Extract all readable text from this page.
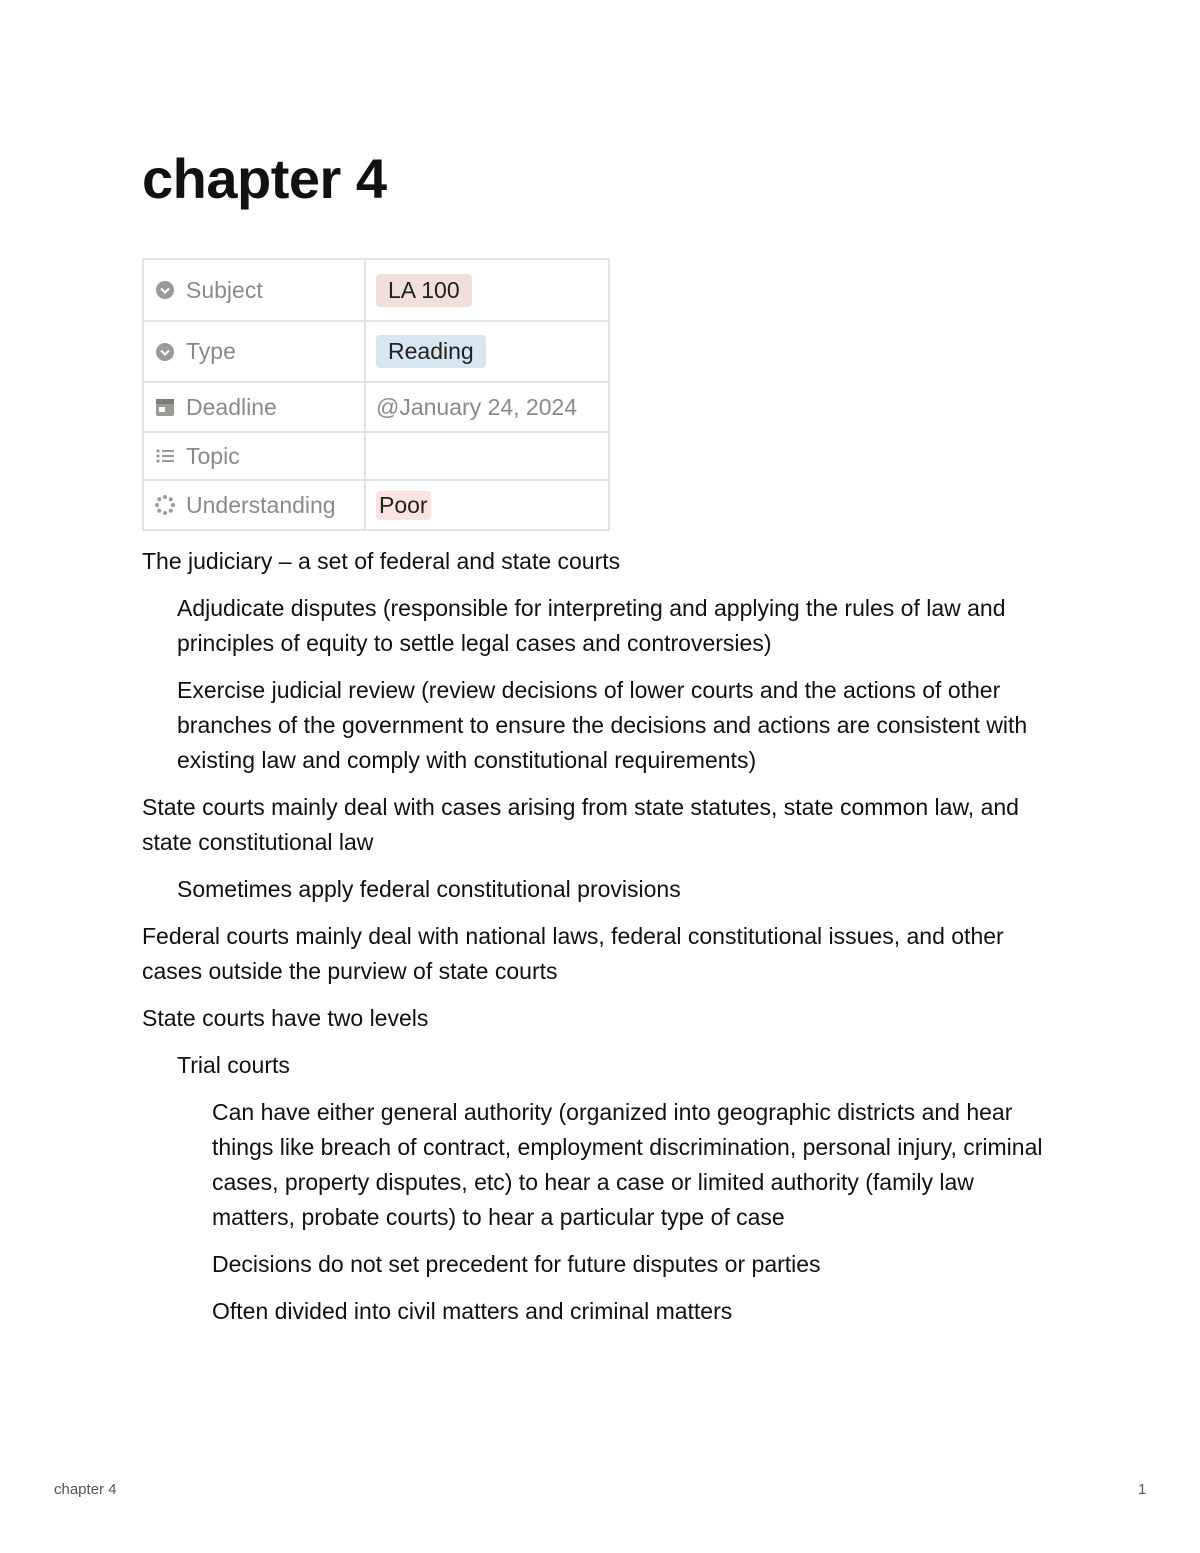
chapter 4
Subject	LA 100

Type	Reading

Deadline	@January 24, 2024

Topic	

Understanding	Poor

The judiciary – a set of federal and state courts

Adjudicate disputes (responsible for interpreting and applying the rules of law and principles of equity to settle legal cases and controversies)

Exercise judicial review (review decisions of lower courts and the actions of other branches of the government to ensure the decisions and actions are consistent with existing law and comply with constitutional requirements)

State courts mainly deal with cases arising from state statutes, state common law, and state constitutional law

Sometimes apply federal constitutional provisions

Federal courts mainly deal with national laws, federal constitutional issues, and other cases outside the purview of state courts

State courts have two levels

Trial courts

Can have either general authority (organized into geographic districts and hear things like breach of contract, employment discrimination, personal injury, criminal cases, property disputes, etc) to hear a case or limited authority (family law matters, probate courts) to hear a particular type of case

Decisions do not set precedent for future disputes or parties

Often divided into civil matters and criminal matters

chapter 4	1
